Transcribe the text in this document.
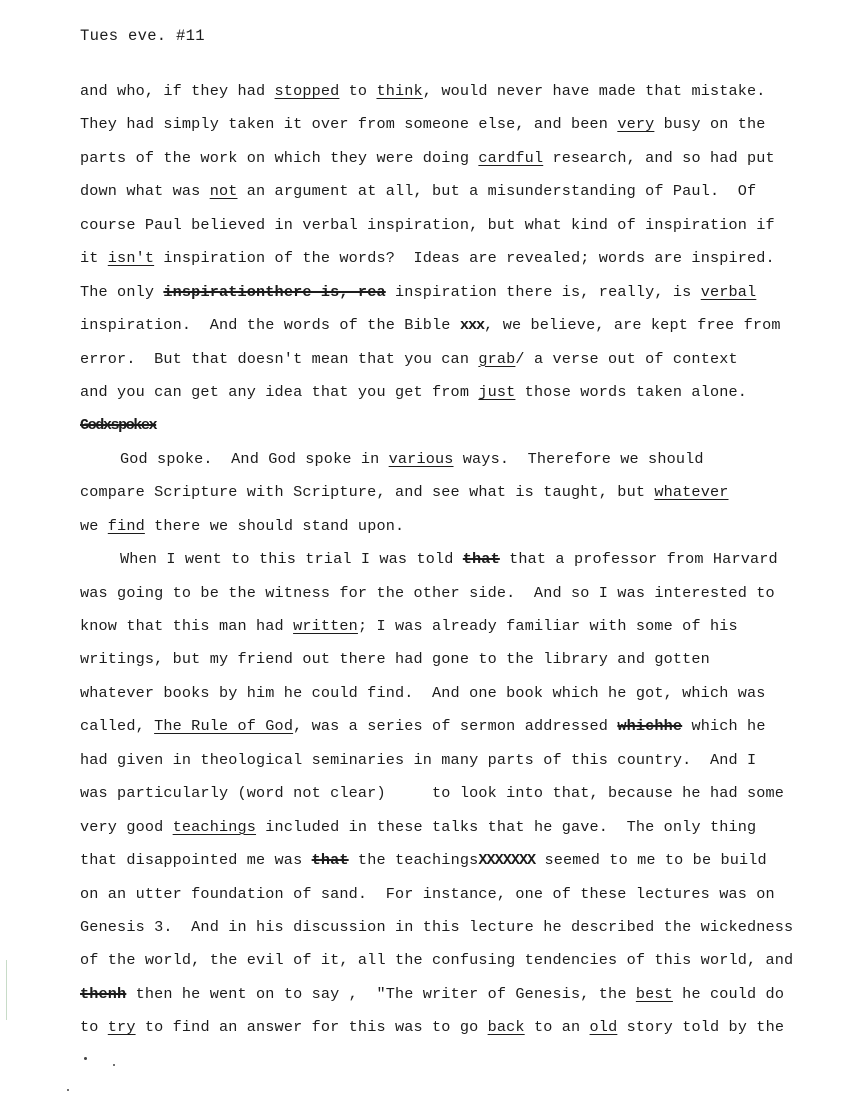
Tues eve. #11
and who, if they had stopped to think, would never have made that mistake.
They had simply taken it over from someone else, and been very busy on the
parts of the work on which they were doing cardful research, and so had put
down what was not an argument at all, but a misunderstanding of Paul.  Of
course Paul believed in verbal inspiration, but what kind of inspiration if
it isn't inspiration of the words?  Ideas are revealed; words are inspired.
The only inspirationthere is, rea inspiration there is, really, is verbal
inspiration.  And the words of the Bible xxx, we believe, are kept free from
error.  But that doesn't mean that you can grab/ a verse out of context
and you can get any idea that you get from just those words taken alone.
Godxspokex
God spoke.  And God spoke in various ways.  Therefore we should
compare Scripture with Scripture, and see what is taught, but whatever
we find there we should stand upon.
When I went to this trial I was told that that a professor from Harvard
was going to be the witness for the other side.  And so I was interested to
know that this man had written; I was already familiar with some of his
writings, but my friend out there had gone to the library and gotten
whatever books by him he could find.  And one book which he got, which was
called, The Rule of God, was a series of sermon addressed whichhe which he
had given in theological seminaries in many parts of this country.  And I
was particularly (word not clear)     to look into that, because he had some
very good teachings included in these talks that he gave.  The only thing
that disappointed me was that the teachingsXXXXXXX seemed to me to be build
on an utter foundation of sand.  For instance, one of these lectures was on
Genesis 3.  And in his discussion in this lecture he described the wickedness
of the world, the evil of it, all the confusing tendencies of this world, and
thenh then he went on to say ,  "The writer of Genesis, the best he could do
to try to find an answer for this was to go back to an old story told by the
